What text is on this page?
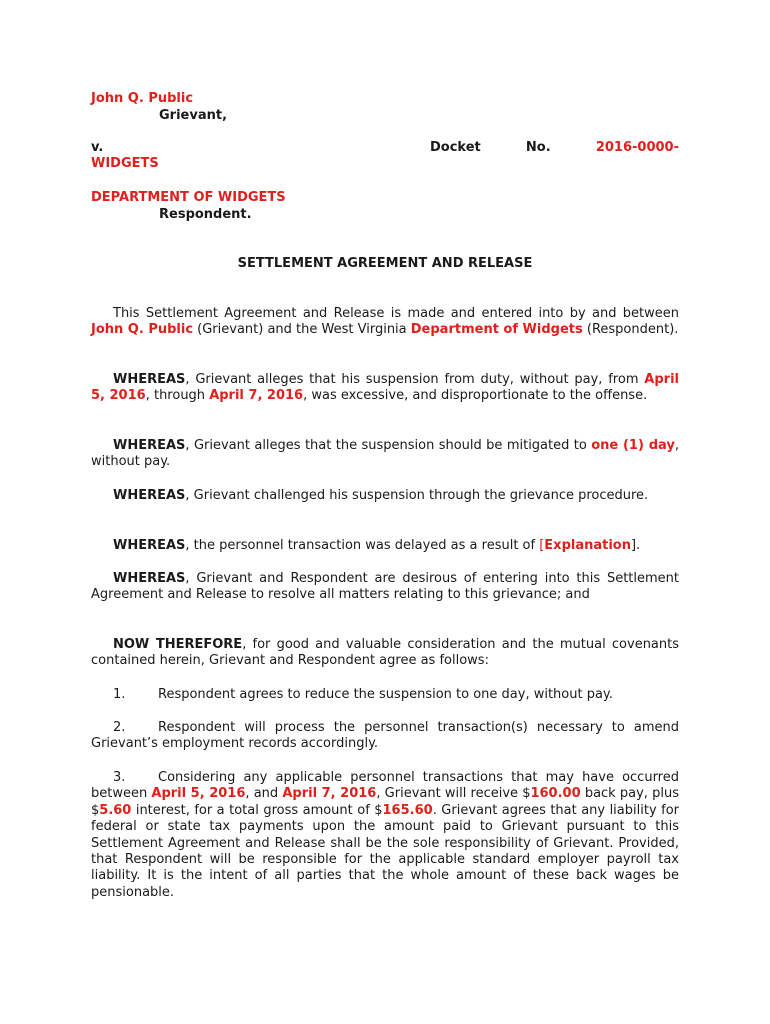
John Q. Public
Grievant,
v.	Docket	No.	2016-0000-
WIDGETS
DEPARTMENT OF WIDGETS
Respondent.
SETTLEMENT AGREEMENT AND RELEASE
This Settlement Agreement and Release is made and entered into by and between John Q. Public (Grievant) and the West Virginia Department of Widgets (Respondent).
WHEREAS, Grievant alleges that his suspension from duty, without pay, from April 5, 2016, through April 7, 2016, was excessive, and disproportionate to the offense.
WHEREAS, Grievant alleges that the suspension should be mitigated to one (1) day, without pay.
WHEREAS, Grievant challenged his suspension through the grievance procedure.
WHEREAS, the personnel transaction was delayed as a result of [Explanation].
WHEREAS, Grievant and Respondent are desirous of entering into this Settlement Agreement and Release to resolve all matters relating to this grievance; and
NOW THEREFORE, for good and valuable consideration and the mutual covenants contained herein, Grievant and Respondent agree as follows:
1.	Respondent agrees to reduce the suspension to one day, without pay.
2.	Respondent will process the personnel transaction(s) necessary to amend Grievant’s employment records accordingly.
3.	Considering any applicable personnel transactions that may have occurred between April 5, 2016, and April 7, 2016, Grievant will receive $160.00 back pay, plus $5.60 interest, for a total gross amount of $165.60. Grievant agrees that any liability for federal or state tax payments upon the amount paid to Grievant pursuant to this Settlement Agreement and Release shall be the sole responsibility of Grievant. Provided, that Respondent will be responsible for the applicable standard employer payroll tax liability. It is the intent of all parties that the whole amount of these back wages be pensionable.
